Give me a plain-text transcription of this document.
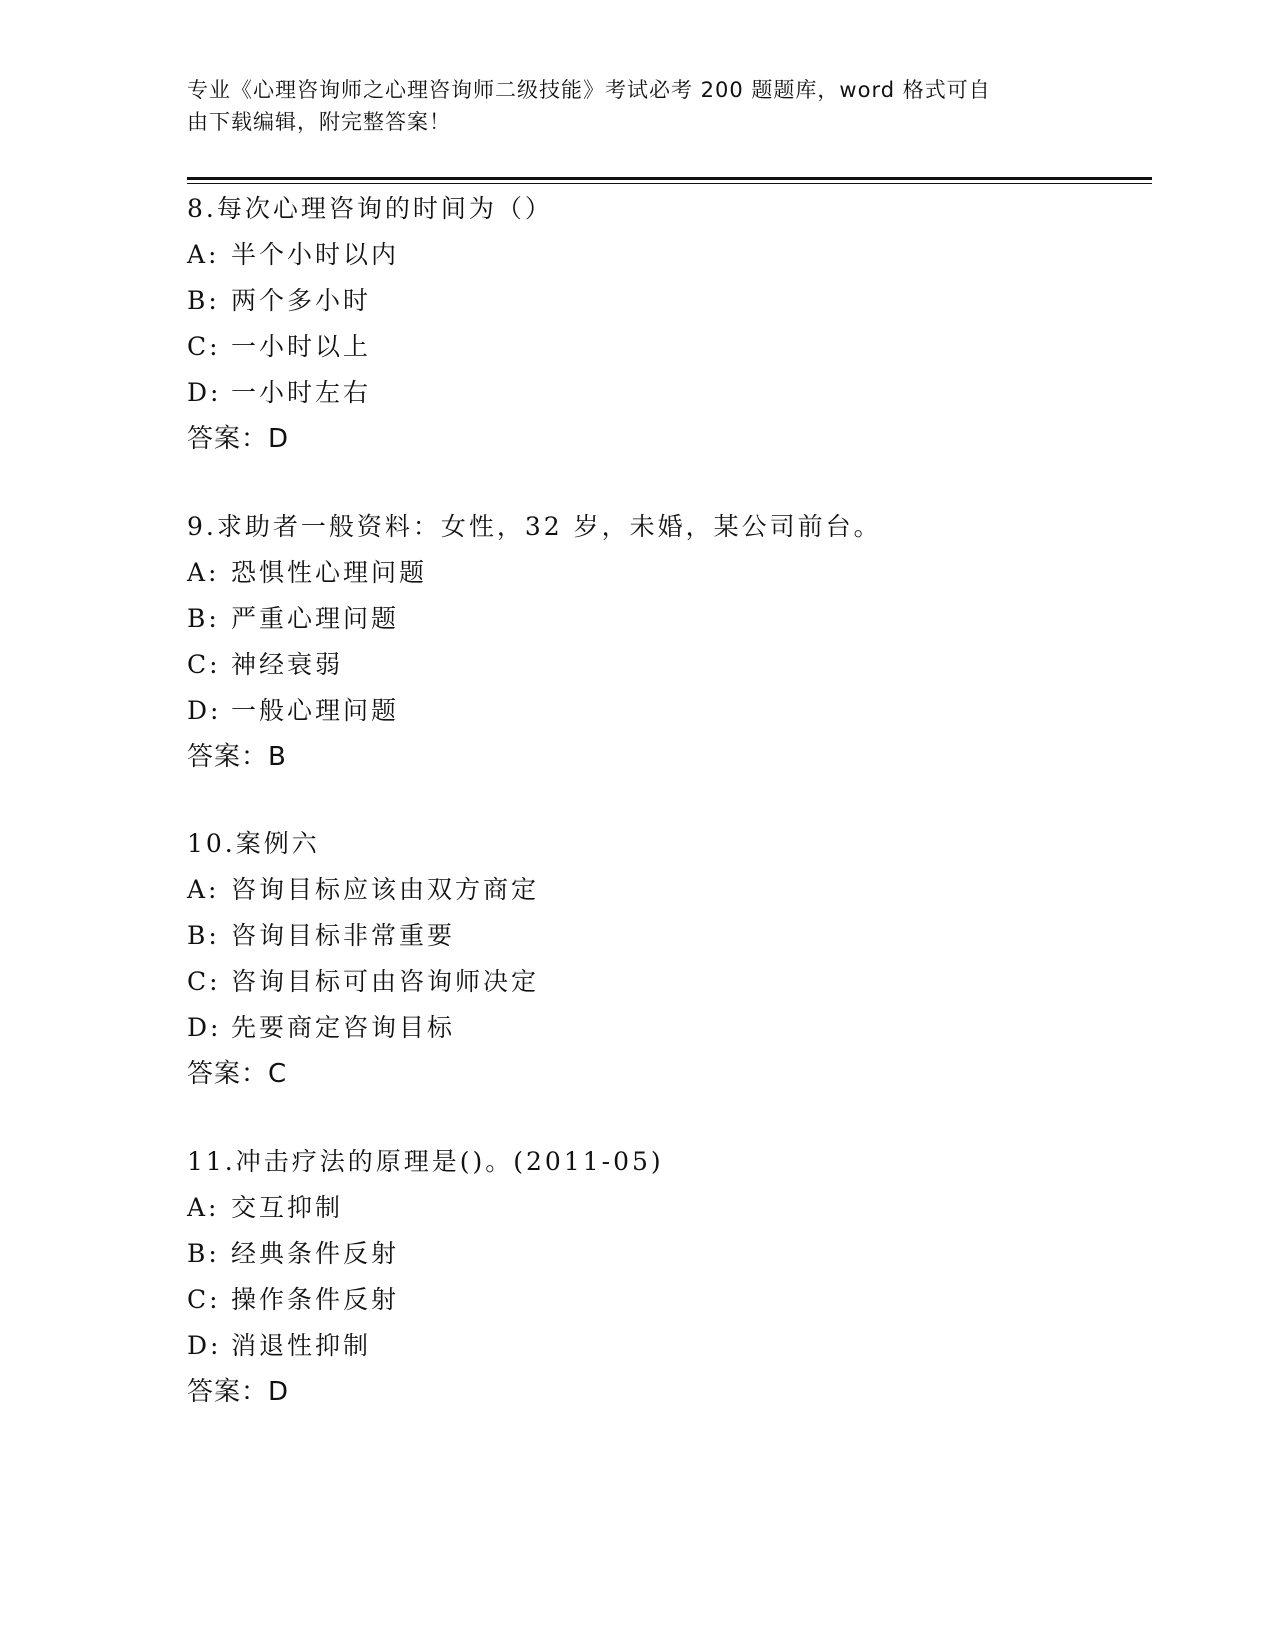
专业《心理咨询师之心理咨询师二级技能》考试必考 200 题题库，word 格式可自
由下载编辑，附完整答案！
8.每次心理咨询的时间为（）
A: 半个小时以内
B: 两个多小时
C: 一小时以上
D: 一小时左右
答案：D
9.求助者一般资料：女性，32 岁，未婚，某公司前台。
A: 恐惧性心理问题
B: 严重心理问题
C: 神经衰弱
D: 一般心理问题
答案：B
10.案例六
A: 咨询目标应该由双方商定
B: 咨询目标非常重要
C: 咨询目标可由咨询师决定
D: 先要商定咨询目标
答案：C
11.冲击疗法的原理是()。(2011-05)
A: 交互抑制
B: 经典条件反射
C: 操作条件反射
D: 消退性抑制
答案：D
